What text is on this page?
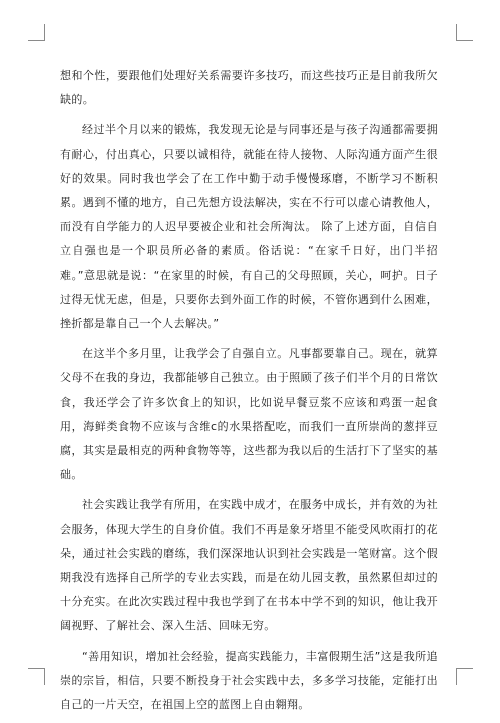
想和个性，要跟他们处理好关系需要许多技巧，而这些技巧正是目前我所欠缺的。

经过半个月以来的锻炼，我发现无论是与同事还是与孩子沟通都需要拥有耐心，付出真心，只要以诚相待，就能在待人接物、人际沟通方面产生很好的效果。同时我也学会了在工作中勤于动手慢慢琢磨，不断学习不断积累。遇到不懂的地方，自己先想方设法解决，实在不行可以虚心请教他人，而没有自学能力的人迟早要被企业和社会所淘汰。 除了上述方面，自信自立自强也是一个职员所必备的素质。俗话说：“在家千日好，出门半招难。”意思就是说：“在家里的时候，有自己的父母照顾，关心，呵护。日子过得无忧无虑，但是，只要你去到外面工作的时候，不管你遇到什么困难，挫折都是靠自己一个人去解决。”

在这半个多月里，让我学会了自强自立。凡事都要靠自己。现在，就算父母不在我的身边，我都能够自己独立。由于照顾了孩子们半个月的日常饮食，我还学会了许多饮食上的知识，比如说早餐豆浆不应该和鸡蛋一起食用，海鲜类食物不应该与含维c的水果搭配吃，而我们一直所崇尚的葱拌豆腐，其实是最相克的两种食物等等，这些都为我以后的生活打下了坚实的基础。

社会实践让我学有所用，在实践中成才，在服务中成长，并有效的为社会服务，体现大学生的自身价值。我们不再是象牙塔里不能受风吹雨打的花朵，通过社会实践的磨练，我们深深地认识到社会实践是一笔财富。这个假期我没有选择自己所学的专业去实践，而是在幼儿园支教，虽然累但却过的十分充实。在此次实践过程中我也学到了在书本中学不到的知识，他让我开阔视野、了解社会、深入生活、回味无穷。

“善用知识，增加社会经验，提高实践能力，丰富假期生活”这是我所追崇的宗旨，相信，只要不断投身于社会实践中去，多多学习技能，定能打出自己的一片天空，在祖国上空的蓝图上自由翱翔。
